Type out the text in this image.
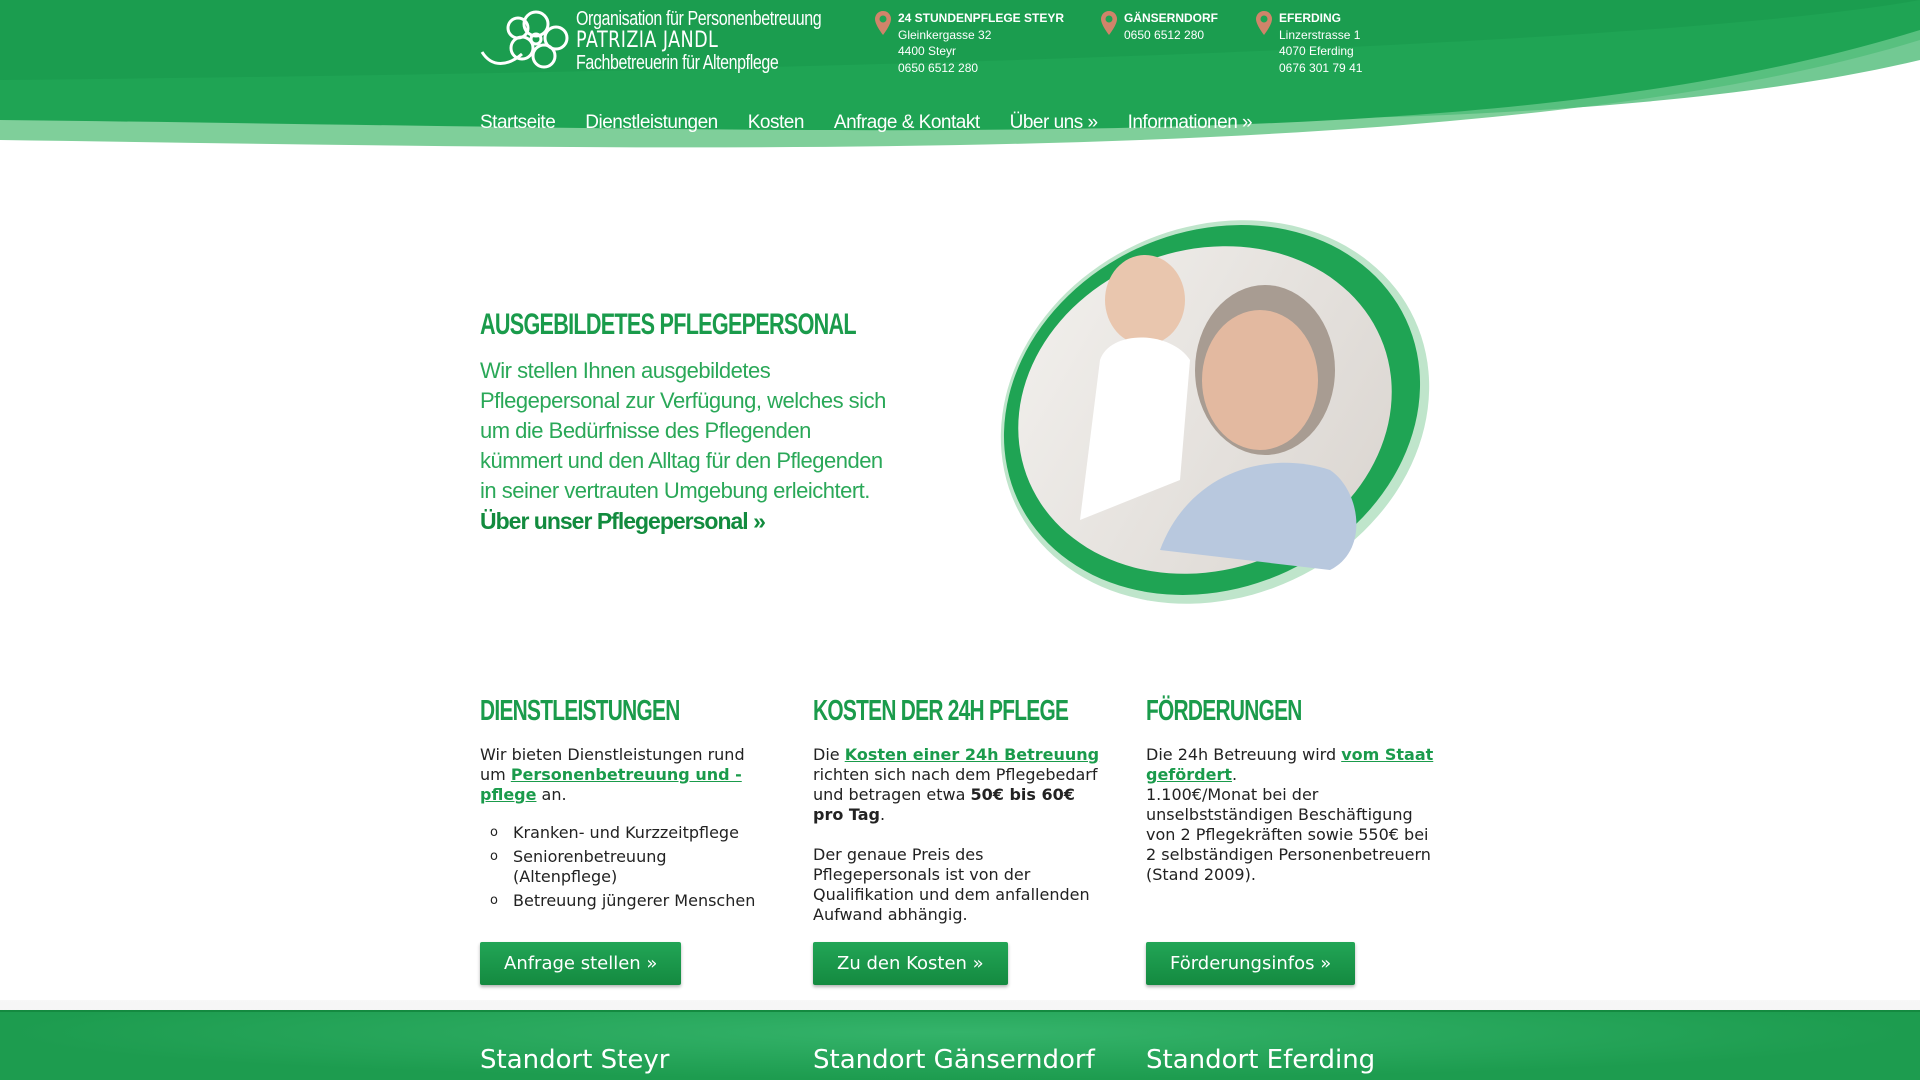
Organisation für Personenbetreuung
PATRIZIA JANDL
Fachbetreuerin für Altenpflege
24 STUNDENPFLEGE STEYR
Gleinkergasse 32
4400 Steyr
0650 6512 280
GÄNSERNDORF
0650 6512 280
EFERDING
Linzerstrasse 1
4070 Eferding
0676 301 79 41
Startseite Dienstleistungen Kosten Anfrage & Kontakt Über uns » Informationen »
AUSGEBILDETES PFLEGEPERSONAL

Wir stellen Ihnen ausgebildetes Pflegepersonal zur Verfügung, welches sich um die Bedürfnisse des Pflegenden kümmert und den Alltag für den Pflegenden in seiner vertrauten Umgebung erleichtert.

Über unser Pflegepersonal »
DIENSTLEISTUNGEN

Wir bieten Dienstleistungen rund um Personenbetreuung und -pflege an.

o Kranken- und Kurzzeitpflege
o Seniorenbetreuung (Altenpflege)
o Betreuung jüngerer Menschen
KOSTEN DER 24H PFLEGE

Die Kosten einer 24h Betreuung richten sich nach dem Pflegebedarf und betragen etwa 50€ bis 60€ pro Tag.

Der genaue Preis des Pflegepersonals ist von der Qualifikation und dem anfallenden Aufwand abhängig.

FÖRDERUNGEN

Die 24h Betreuung wird vom Staat gefördert.

1.100€/Monat bei der unselbstständigen Beschäftigung von 2 Pflegekräften sowie 550€ bei 2 selbständigen Personenbetreuern (Stand 2009).

Anfrage stellen »	Zu den Kosten »	Förderungsinfos »
Standort Steyr	Standort Gänserndorf Standort Eferding
